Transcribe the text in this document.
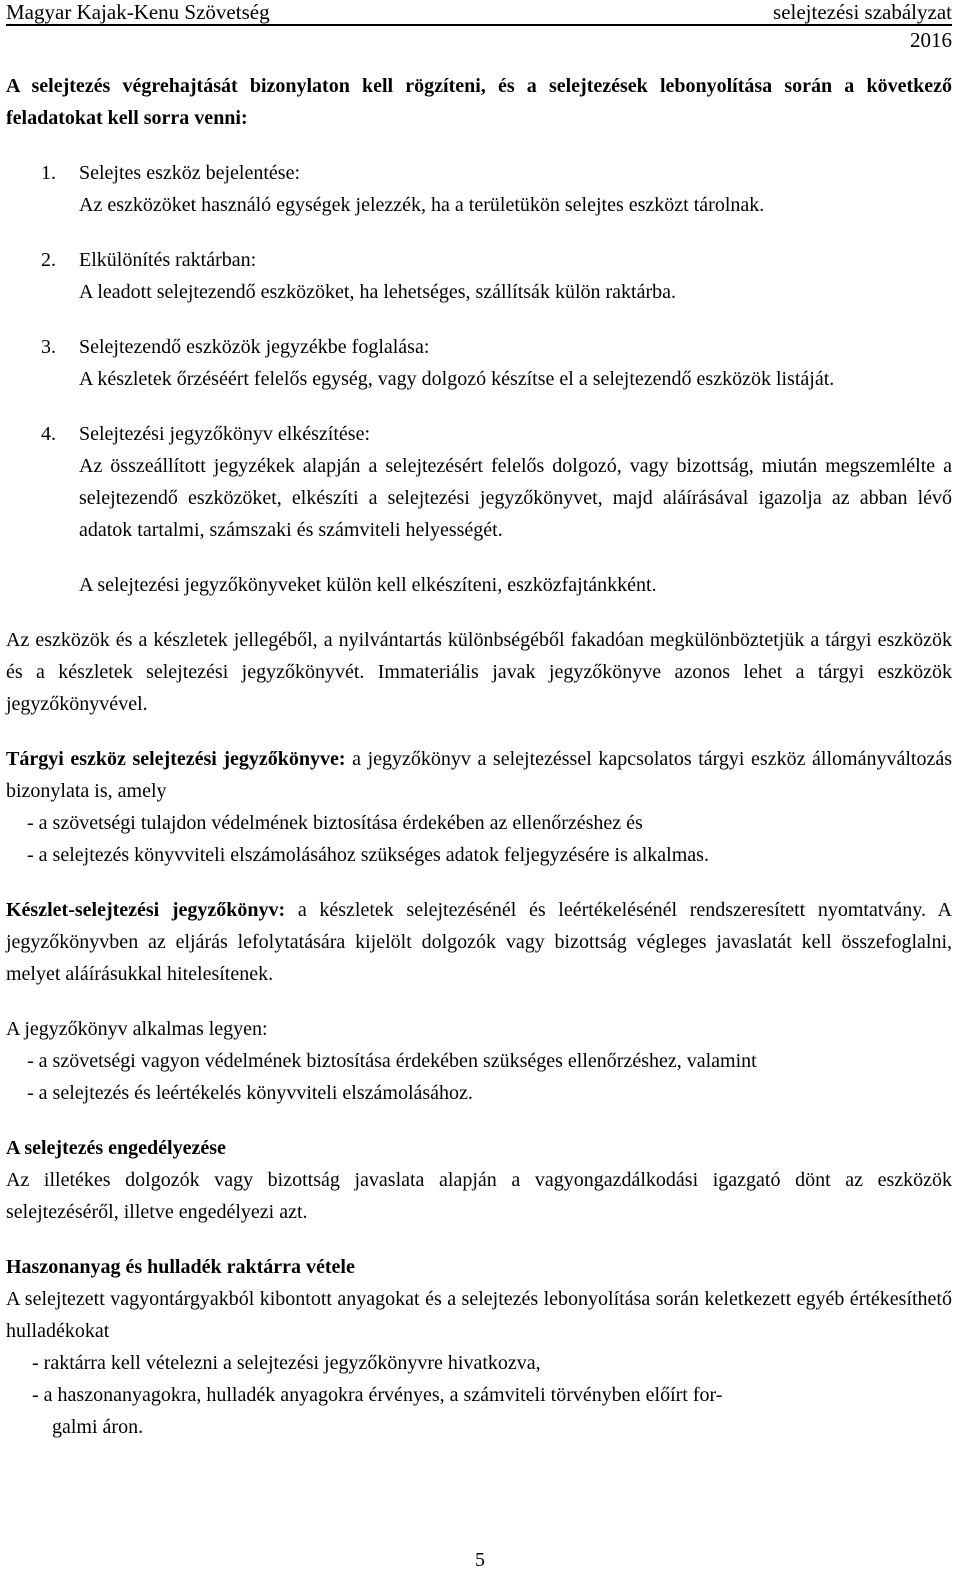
Magyar Kajak-Kenu Szövetség	selejtezési szabályzat
2016

A selejtezés végrehajtását bizonylaton kell rögzíteni, és a selejtezések lebonyolítása során a következő feladatokat kell sorra venni:

1. Selejtes eszköz bejelentése:

Az eszközöket használó egységek jelezzék, ha a területükön selejtes eszközt tárolnak.

2. Elkülönítés raktárban:

A leadott selejtezendő eszközöket, ha lehetséges, szállítsák külön raktárba.

3. Selejtezendő eszközök jegyzékbe foglalása:

A készletek őrzéséért felelős egység, vagy dolgozó készítse el a selejtezendő eszközök listáját.

4. Selejtezési jegyzőkönyv elkészítése:

Az összeállított jegyzékek alapján a selejtezésért felelős dolgozó, vagy bizottság, miután megszemlélte a selejtezendő eszközöket, elkészíti a selejtezési jegyzőkönyvet, majd aláírásával igazolja az abban lévő adatok tartalmi, számszaki és számviteli helyességét.

A selejtezési jegyzőkönyveket külön kell elkészíteni, eszközfajtánkként.

Az eszközök és a készletek jellegéből, a nyilvántartás különbségéből fakadóan megkülönböztetjük a tárgyi eszközök és a készletek selejtezési jegyzőkönyvét. Immateriális javak jegyzőkönyve azonos lehet a tárgyi eszközök jegyzőkönyvével.

Tárgyi eszköz selejtezési jegyzőkönyve: a jegyzőkönyv a selejtezéssel kapcsolatos tárgyi eszköz állományváltozás bizonylata is, amely

- a szövetségi tulajdon védelmének biztosítása érdekében az ellenőrzéshez és

- a selejtezés könyvviteli elszámolásához szükséges adatok feljegyzésére is alkalmas.

Készlet-selejtezési jegyzőkönyv: a készletek selejtezésénél és leértékelésénél rendszeresített nyomtatvány. A jegyzőkönyvben az eljárás lefolytatására kijelölt dolgozók vagy bizottság végleges javaslatát kell összefoglalni, melyet aláírásukkal hitelesítenek.

A jegyzőkönyv alkalmas legyen:

- a szövetségi vagyon védelmének biztosítása érdekében szükséges ellenőrzéshez, valamint

- a selejtezés és leértékelés könyvviteli elszámolásához.

A selejtezés engedélyezése

Az illetékes dolgozók vagy bizottság javaslata alapján a vagyongazdálkodási igazgató dönt az eszközök selejtezéséről, illetve engedélyezi azt.

Haszonanyag és hulladék raktárra vétele

A selejtezett vagyontárgyakból kibontott anyagokat és a selejtezés lebonyolítása során keletkezett egyéb értékesíthető hulladékokat

- raktárra kell vételezni a selejtezési jegyzőkönyvre hivatkozva,

- a haszonanyagokra, hulladék anyagokra érvényes, a számviteli törvényben előírt for-

galmi áron.

5
